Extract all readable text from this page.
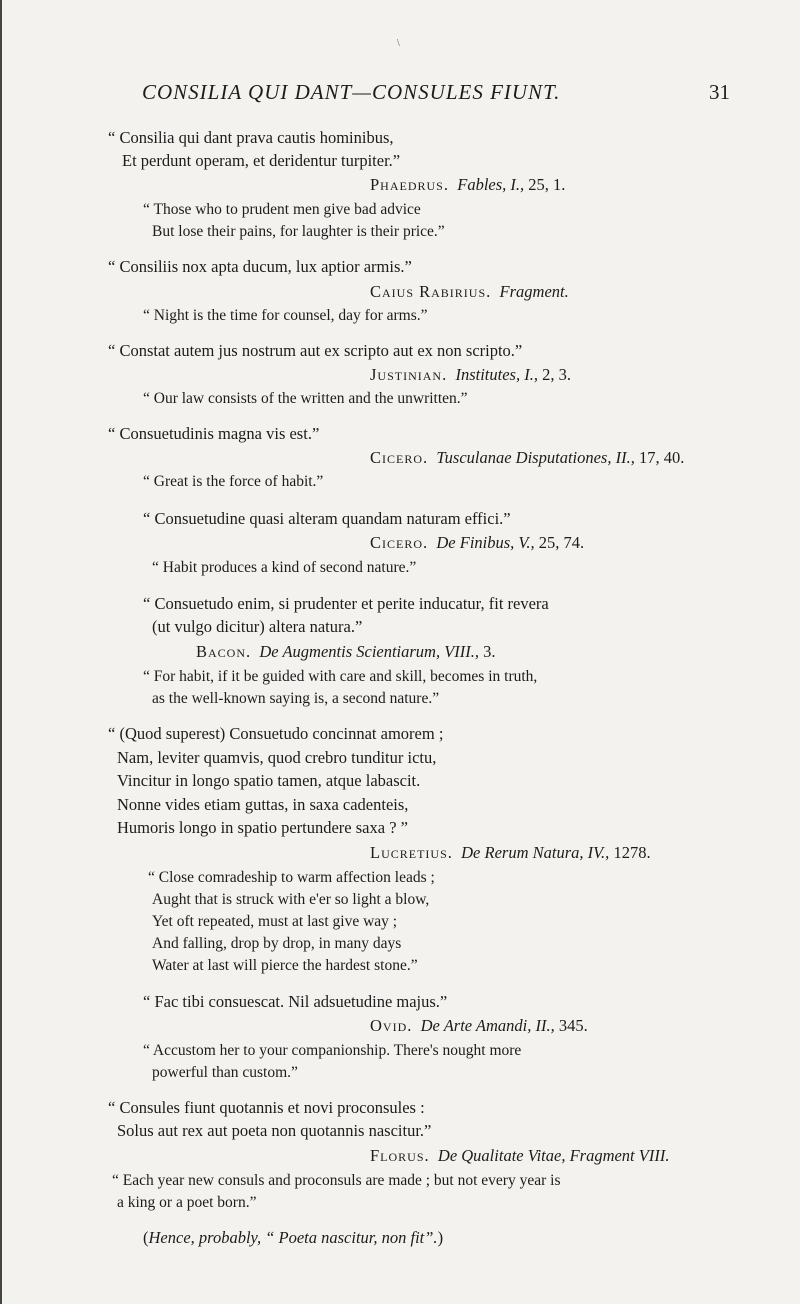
\
CONSILIA QUI DANT—CONSULES FIUNT.	31
“ Consilia qui dant prava cautis hominibus,
Et perdunt operam, et deridentur turpiter.”
Phaedrus. Fables, I., 25, 1.
“ Those who to prudent men give bad advice
But lose their pains, for laughter is their price.”
“ Consiliis nox apta ducum, lux aptior armis.”
Caius Rabirius. Fragment.
“ Night is the time for counsel, day for arms.”
“ Constat autem jus nostrum aut ex scripto aut ex non scripto.”
Justinian. Institutes, I., 2, 3.
“ Our law consists of the written and the unwritten.”
“ Consuetudinis magna vis est.”
Cicero. Tusculanae Disputationes, II., 17, 40.
“ Great is the force of habit.”
“ Consuetudine quasi alteram quandam naturam effici.”
Cicero. De Finibus, V., 25, 74.
“ Habit produces a kind of second nature.”
“ Consuetudo enim, si prudenter et perite inducatur, fit revera
(ut vulgo dicitur) altera natura.”
Bacon. De Augmentis Scientiarum, VIII., 3.
“ For habit, if it be guided with care and skill, becomes in truth,
as the well-known saying is, a second nature.”
“ (Quod superest) Consuetudo concinnat amorem ;
Nam, leviter quamvis, quod crebro tunditur ictu,
Vincitur in longo spatio tamen, atque labascit.
Nonne vides etiam guttas, in saxa cadenteis,
Humoris longo in spatio pertundere saxa ? ”
Lucretius. De Rerum Natura, IV., 1278.
“ Close comradeship to warm affection leads ;
Aught that is struck with e'er so light a blow,
Yet oft repeated, must at last give way ;
And falling, drop by drop, in many days
Water at last will pierce the hardest stone.”
“ Fac tibi consuescat. Nil adsuetudine majus.”
Ovid. De Arte Amandi, II., 345.
“ Accustom her to your companionship. There's nought more
powerful than custom.”
“ Consules fiunt quotannis et novi proconsules :
Solus aut rex aut poeta non quotannis nascitur.”
Florus. De Qualitate Vitae, Fragment VIII.
“ Each year new consuls and proconsuls are made ; but not every year is
a king or a poet born.”
(Hence, probably, “ Poeta nascitur, non fit”.)
